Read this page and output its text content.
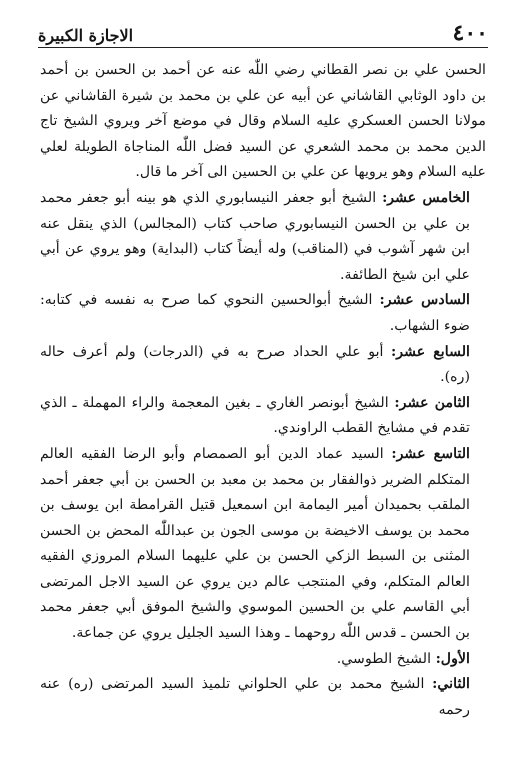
٤٠٠
الاجازة الكبيرة

الحسن علي بن نصر القطاني رضي اللّٰه عنه عن أحمد بن الحسن بن أحمد بن داود الوثابي القاشاني عن أبيه عن علي بن محمد بن شيرة القاشاني عن مولانا الحسن العسكري عليه السلام وقال في موضع آخر ويروي الشيخ تاج الدين محمد بن محمد الشعري عن السيد فضل اللّٰه المناجاة الطويلة لعلي عليه السلام وهو يرويها عن علي بن الحسين الى آخر ما قال.

الخامس عشر: الشيخ أبو جعفر النيسابوري الذي هو بينه أبو جعفر محمد بن علي بن الحسن النيسابوري صاحب كتاب (المجالس) الذي ينقل عنه ابن شهر آشوب في (المناقب) وله أيضاً كتاب (البداية) وهو يروي عن أبي علي ابن شيخ الطائفة.

السادس عشر: الشيخ أبوالحسين النحوي كما صرح به نفسه في كتابه: ضوء الشهاب.

السابع عشر: أبو علي الحداد صرح به في (الدرجات) ولم أعرف حاله (ره).

الثامن عشر: الشيخ أبونصر الغاري ـ بغين المعجمة والراء المهملة ـ الذي تقدم في مشايخ القطب الراوندي.

التاسع عشر: السيد عماد الدين أبو الصمصام وأبو الرضا الفقيه العالم المتكلم الضرير ذوالفقار بن محمد بن معبد بن الحسن بن أبي جعفر أحمد الملقب بحميدان أمير اليمامة ابن اسمعيل قتيل القرامطة ابن يوسف بن محمد بن يوسف الاخيضة بن موسى الجون بن عبداللّٰه المحض بن الحسن المثنى بن السبط الزكي الحسن بن علي عليهما السلام المروزي الفقيه العالم المتكلم، وفي المنتجب عالم دين يروي عن السيد الاجل المرتضى أبي القاسم علي بن الحسين الموسوي والشيخ الموفق أبي جعفر محمد بن الحسن ـ قدس اللّٰه روحهما ـ وهذا السيد الجليل يروي عن جماعة.

الأول: الشيخ الطوسي.

الثاني: الشيخ محمد بن علي الحلواني تلميذ السيد المرتضى (ره) عنه رحمه
